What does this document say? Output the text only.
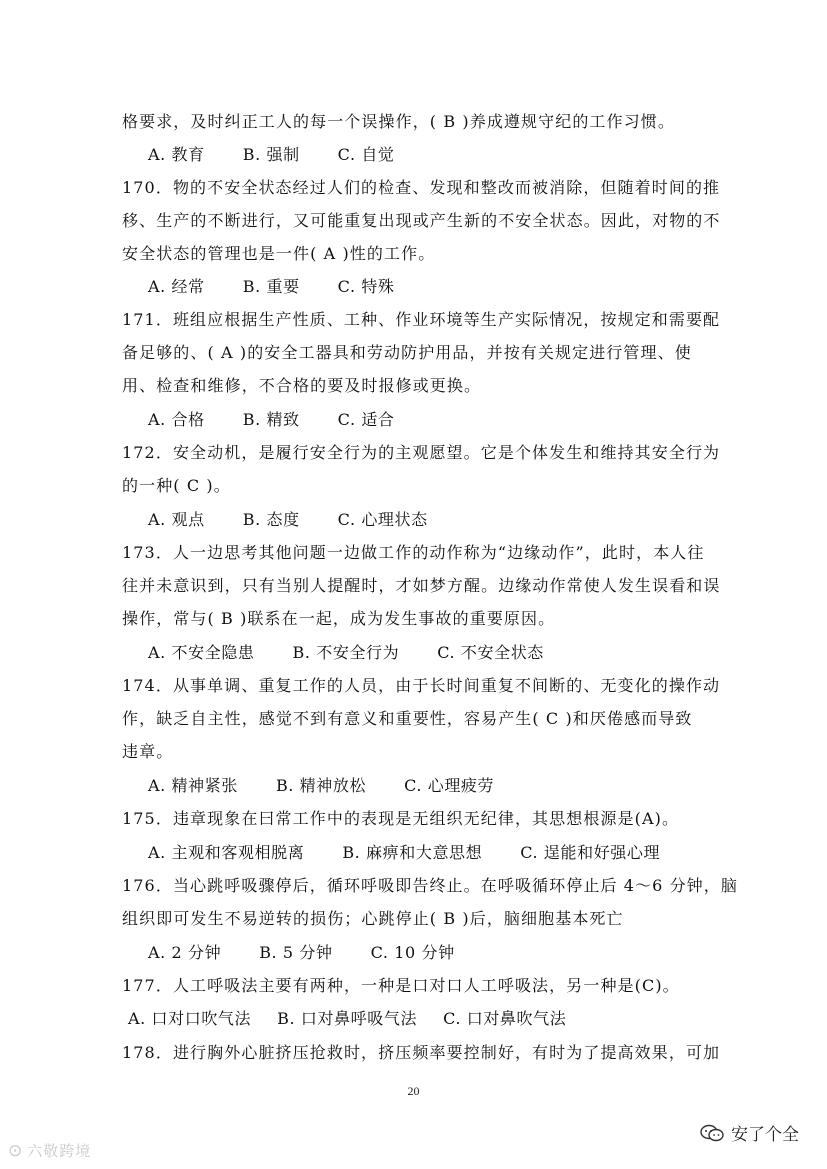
格要求，及时纠正工人的每一个误操作，( B )养成遵规守纪的工作习惯。
A. 教育 B. 强制 C. 自觉
170．物的不安全状态经过人们的检查、发现和整改而被消除，但随着时间的推
移、生产的不断进行，又可能重复出现或产生新的不安全状态。因此，对物的不
安全状态的管理也是一件( A )性的工作。
A. 经常 B. 重要 C. 特殊
171．班组应根据生产性质、工种、作业环境等生产实际情况，按规定和需要配
备足够的、( A )的安全工器具和劳动防护用品，并按有关规定进行管理、使
用、检查和维修，不合格的要及时报修或更换。
A. 合格 B. 精致 C. 适合
172．安全动机，是履行安全行为的主观愿望。它是个体发生和维持其安全行为
的一种( C )。
A. 观点 B. 态度 C. 心理状态
173．人一边思考其他问题一边做工作的动作称为“边缘动作”，此时，本人往
往并未意识到，只有当别人提醒时，才如梦方醒。边缘动作常使人发生误看和误
操作，常与( B )联系在一起，成为发生事故的重要原因。
A. 不安全隐患 B. 不安全行为 C. 不安全状态
174．从事单调、重复工作的人员，由于长时间重复不间断的、无变化的操作动
作，缺乏自主性，感觉不到有意义和重要性，容易产生( C )和厌倦感而导致
违章。
A. 精神紧张 B. 精神放松 C. 心理疲劳
175．违章现象在曰常工作中的表现是无组织无纪律，其思想根源是(A)。
A. 主观和客观相脱离 B. 麻痹和大意思想 C. 逞能和好强心理
176．当心跳呼吸骤停后，循环呼吸即告终止。在呼吸循环停止后 4～6 分钟，脑
组织即可发生不易逆转的损伤；心跳停止( B )后，脑细胞基本死亡
A. 2 分钟 B. 5 分钟 C. 10 分钟
177．人工呼吸法主要有两种，一种是口对口人工呼吸法，另一种是(C)。
A. 口对口吹气法 B. 口对鼻呼吸气法 C. 口对鼻吹气法
178．进行胸外心脏挤压抢救时，挤压频率要控制好，有时为了提高效果，可加
20
⊙ 六敬跨境
安了个全
